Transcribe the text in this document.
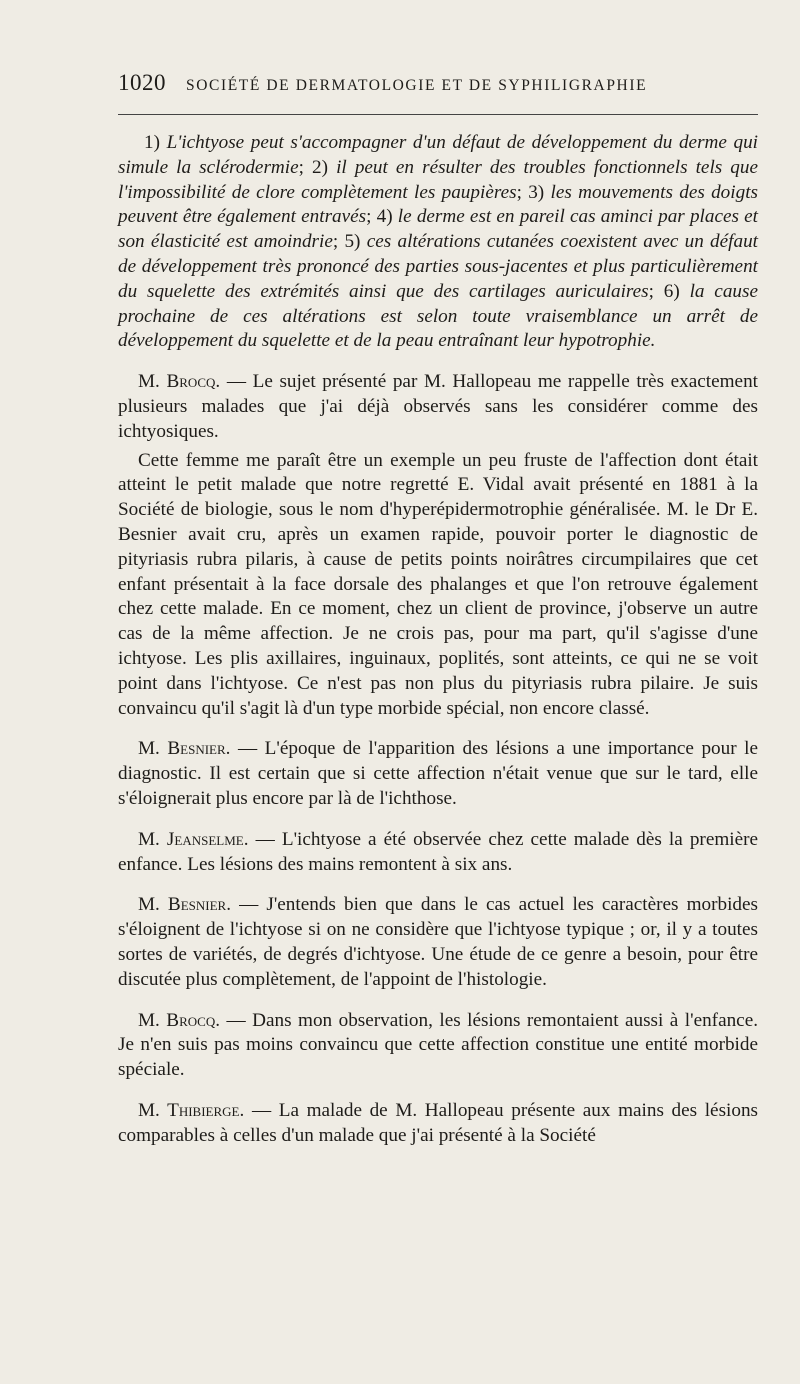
1020 SOCIÉTÉ DE DERMATOLOGIE ET DE SYPHILIGRAPHIE

1) L'ichtyose peut s'accompagner d'un défaut de développement du derme qui simule la sclérodermie; 2) il peut en résulter des troubles fonctionnels tels que l'impossibilité de clore complètement les paupières; 3) les mouvements des doigts peuvent être également entravés; 4) le derme est en pareil cas aminci par places et son élasticité est amoindrie; 5) ces altérations cutanées coexistent avec un défaut de développement très prononcé des parties sous-jacentes et plus particulièrement du squelette des extrémités ainsi que des cartilages auriculaires; 6) la cause prochaine de ces altérations est selon toute vraisemblance un arrêt de développement du squelette et de la peau entraînant leur hypotrophie.

M. Brocq. — Le sujet présenté par M. Hallopeau me rappelle très exactement plusieurs malades que j'ai déjà observés sans les considérer comme des ichtyosiques.

Cette femme me paraît être un exemple un peu fruste de l'affection dont était atteint le petit malade que notre regretté E. Vidal avait présenté en 1881 à la Société de biologie, sous le nom d'hyperépidermotrophie généralisée. M. le Dr E. Besnier avait cru, après un examen rapide, pouvoir porter le diagnostic de pityriasis rubra pilaris, à cause de petits points noirâtres circumpilaires que cet enfant présentait à la face dorsale des phalanges et que l'on retrouve également chez cette malade. En ce moment, chez un client de province, j'observe un autre cas de la même affection. Je ne crois pas, pour ma part, qu'il s'agisse d'une ichtyose. Les plis axillaires, inguinaux, poplités, sont atteints, ce qui ne se voit point dans l'ichtyose. Ce n'est pas non plus du pityriasis rubra pilaire. Je suis convaincu qu'il s'agit là d'un type morbide spécial, non encore classé.

M. Besnier. — L'époque de l'apparition des lésions a une importance pour le diagnostic. Il est certain que si cette affection n'était venue que sur le tard, elle s'éloignerait plus encore par là de l'ichthose.

M. Jeanselme. — L'ichtyose a été observée chez cette malade dès la première enfance. Les lésions des mains remontent à six ans.

M. Besnier. — J'entends bien que dans le cas actuel les caractères morbides s'éloignent de l'ichtyose si on ne considère que l'ichtyose typique ; or, il y a toutes sortes de variétés, de degrés d'ichtyose. Une étude de ce genre a besoin, pour être discutée plus complètement, de l'appoint de l'histologie.

M. Brocq. — Dans mon observation, les lésions remontaient aussi à l'enfance. Je n'en suis pas moins convaincu que cette affection constitue une entité morbide spéciale.

M. Thibierge. — La malade de M. Hallopeau présente aux mains des lésions comparables à celles d'un malade que j'ai présenté à la Société
